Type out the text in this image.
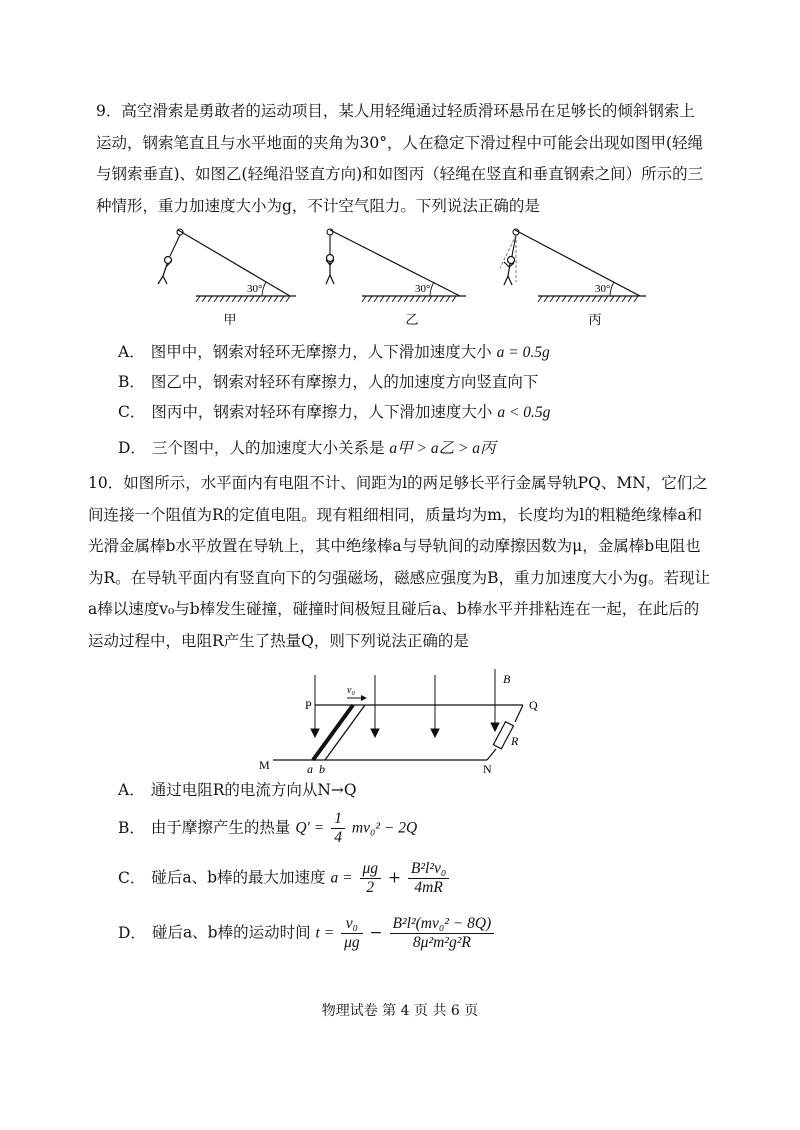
9．高空滑索是勇敢者的运动项目，某人用轻绳通过轻质滑环悬吊在足够长的倾斜钢索上运动，钢索笔直且与水平地面的夹角为30°，人在稳定下滑过程中可能会出现如图甲(轻绳与钢索垂直)、如图乙(轻绳沿竖直方向)和如图丙（轻绳在竖直和垂直钢索之间）所示的三种情形，重力加速度大小为g，不计空气阻力。下列说法正确的是
30°
甲
30°
乙
30°
丙
A． 图甲中，钢索对轻环无摩擦力，人下滑加速度大小 a = 0.5g
B． 图乙中，钢索对轻环有摩擦力，人的加速度方向竖直向下
C． 图丙中，钢索对轻环有摩擦力，人下滑加速度大小 a < 0.5g
D． 三个图中，人的加速度大小关系是 a甲 > a乙 > a丙
10．如图所示，水平面内有电阻不计、间距为l的两足够长平行金属导轨PQ、MN，它们之间连接一个阻值为R的定值电阻。现有粗细相同，质量均为m，长度均为l的粗糙绝缘棒a和光滑金属棒b水平放置在导轨上，其中绝缘棒a与导轨间的动摩擦因数为μ，金属棒b电阻也为R。在导轨平面内有竖直向下的匀强磁场，磁感应强度为B，重力加速度大小为g。若现让a棒以速度v₀与b棒发生碰撞，碰撞时间极短且碰后a、b棒水平并排粘连在一起，在此后的运动过程中，电阻R产生了热量Q，则下列说法正确的是
P	Q
M	N
B
R
v₀
a b
A． 通过电阻R的电流方向从N→Q
B． 由于摩擦产生的热量 $Q' = \frac{1}{4} mv_0^2 - 2Q$
C． 碰后a、b棒的最大加速度 $a = \frac{\mu g}{2} + \frac{\text{B²l²v₀}}{4mR}$
D． 碰后a、b棒的运动时间 $t = \frac{\text{v₀}}{\mu g} - \frac{\text{B²l²(mv₀² − 8Q)}}{\text{8μ²m²g²R}}$
物理试卷 第 4 页 共 6 页
